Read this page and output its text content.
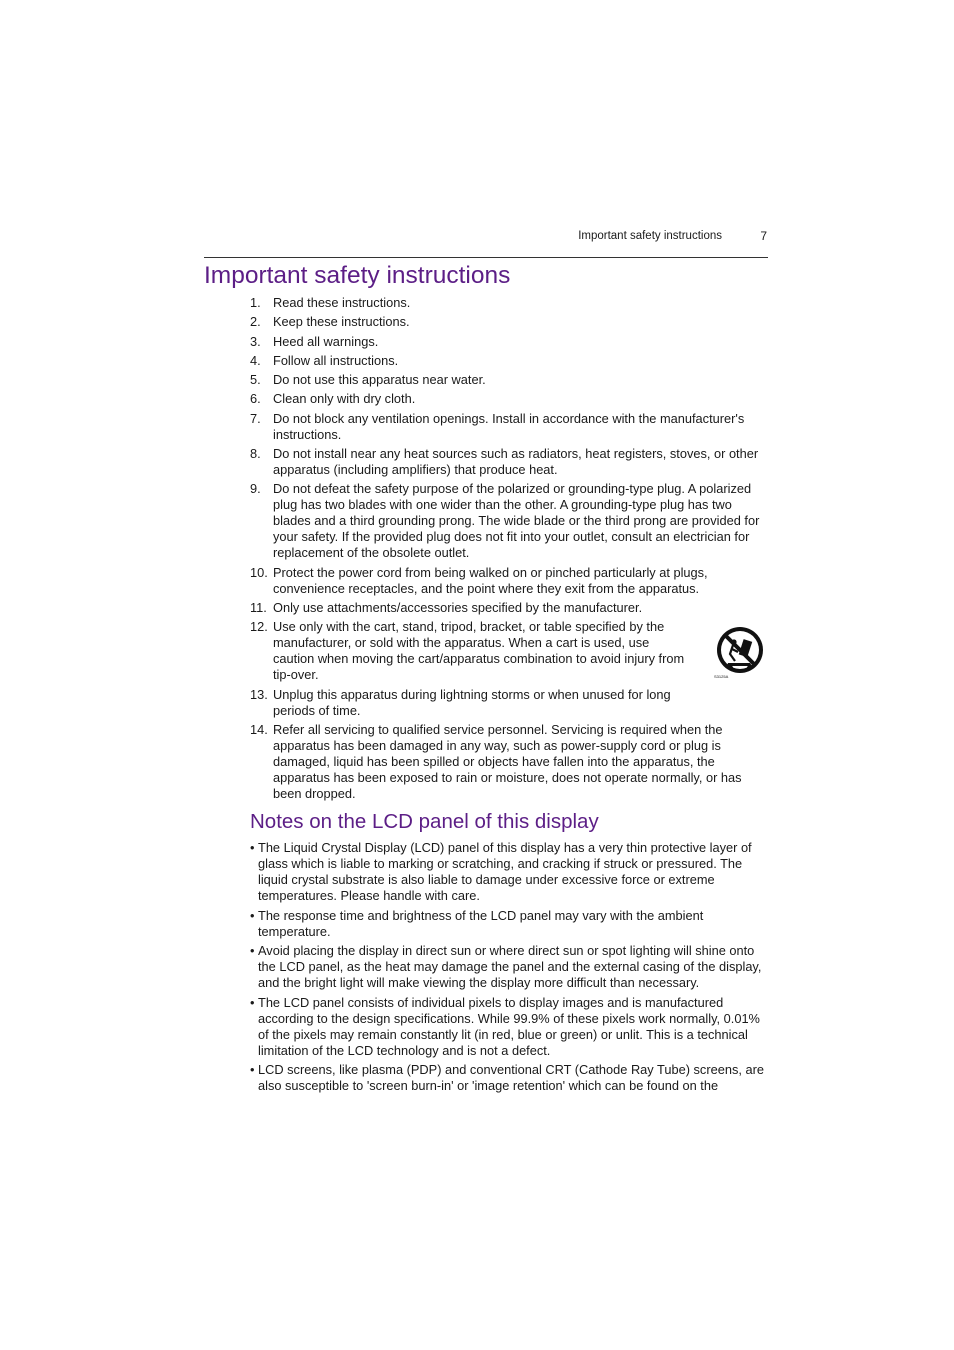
Important safety instructions	7
Important safety instructions
1. Read these instructions.
2. Keep these instructions.
3. Heed all warnings.
4. Follow all instructions.
5. Do not use this apparatus near water.
6. Clean only with dry cloth.
7. Do not block any ventilation openings. Install in accordance with the manufacturer's instructions.
8. Do not install near any heat sources such as radiators, heat registers, stoves, or other apparatus (including amplifiers) that produce heat.
9. Do not defeat the safety purpose of the polarized or grounding-type plug. A polarized plug has two blades with one wider than the other. A grounding-type plug has two blades and a third grounding prong. The wide blade or the third prong are provided for your safety. If the provided plug does not fit into your outlet, consult an electrician for replacement of the obsolete outlet.
10. Protect the power cord from being walked on or pinched particularly at plugs, convenience receptacles, and the point where they exit from the apparatus.
11. Only use attachments/accessories specified by the manufacturer.
12. Use only with the cart, stand, tripod, bracket, or table specified by the manufacturer, or sold with the apparatus. When a cart is used, use caution when moving the cart/apparatus combination to avoid injury from tip-over.
13. Unplug this apparatus during lightning storms or when unused for long periods of time.
14. Refer all servicing to qualified service personnel. Servicing is required when the apparatus has been damaged in any way, such as power-supply cord or plug is damaged, liquid has been spilled or objects have fallen into the apparatus, the apparatus has been exposed to rain or moisture, does not operate normally, or has been dropped.
S3125A
Notes on the LCD panel of this display
• The Liquid Crystal Display (LCD) panel of this display has a very thin protective layer of glass which is liable to marking or scratching, and cracking if struck or pressured. The liquid crystal substrate is also liable to damage under excessive force or extreme temperatures. Please handle with care.
• The response time and brightness of the LCD panel may vary with the ambient temperature.
• Avoid placing the display in direct sun or where direct sun or spot lighting will shine onto the LCD panel, as the heat may damage the panel and the external casing of the display, and the bright light will make viewing the display more difficult than necessary.
• The LCD panel consists of individual pixels to display images and is manufactured according to the design specifications. While 99.9% of these pixels work normally, 0.01% of the pixels may remain constantly lit (in red, blue or green) or unlit. This is a technical limitation of the LCD technology and is not a defect.
• LCD screens, like plasma (PDP) and conventional CRT (Cathode Ray Tube) screens, are also susceptible to 'screen burn-in' or 'image retention' which can be found on the
